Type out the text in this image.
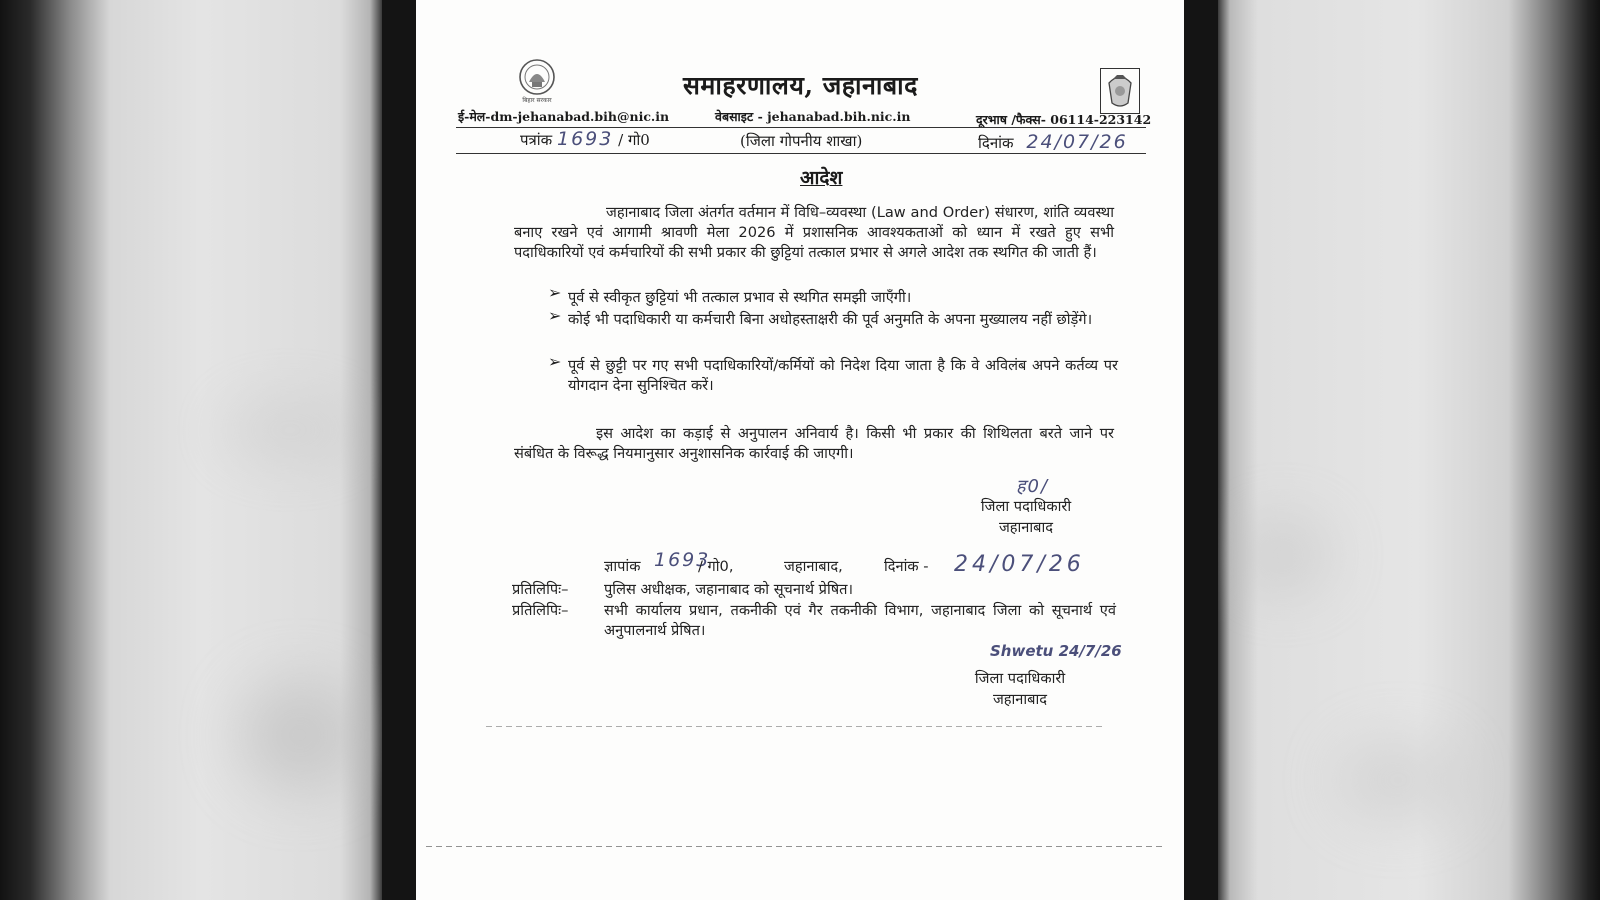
बिहार सरकार
समाहरणालय, जहानाबाद
ई-मेल-dm-jehanabad.bih@nic.in	वेबसाइट - jehanabad.bih.nic.in	दूरभाष /फैक्स- 06114-223142
पत्रांक 1693 / गो0	(जिला गोपनीय शाखा)	दिनांक 24/07/26
आदेश
जहानाबाद जिला अंतर्गत वर्तमान में विधि–व्यवस्था (Law and Order) संधारण, शांति व्यवस्था बनाए रखने एवं आगामी श्रावणी मेला 2026 में प्रशासनिक आवश्यकताओं को ध्यान में रखते हुए सभी पदाधिकारियों एवं कर्मचारियों की सभी प्रकार की छुट्टियां तत्काल प्रभार से अगले आदेश तक स्थगित की जाती हैं।
➢ पूर्व से स्वीकृत छुट्टियां भी तत्काल प्रभाव से स्थगित समझी जाएँगी।
➢ कोई भी पदाधिकारी या कर्मचारी बिना अधोहस्ताक्षरी की पूर्व अनुमति के अपना मुख्यालय नहीं छोड़ेंगे।
➢ पूर्व से छुट्टी पर गए सभी पदाधिकारियों/कर्मियों को निदेश दिया जाता है कि वे अविलंब अपने कर्तव्य पर योगदान देना सुनिश्चित करें।
इस आदेश का कड़ाई से अनुपालन अनिवार्य है। किसी भी प्रकार की शिथिलता बरते जाने पर संबंधित के विरूद्ध नियमानुसार अनुशासनिक कार्रवाई की जाएगी।
ह0/
जिला पदाधिकारी
जहानाबाद
ज्ञापांक 1693
/ गो0,	जहानाबाद,	दिनांक - 24/07/26
प्रतिलिपिः– पुलिस अधीक्षक, जहानाबाद को सूचनार्थ प्रेषित।
प्रतिलिपिः– सभी कार्यालय प्रधान, तकनीकी एवं गैर तकनीकी विभाग, जहानाबाद जिला को सूचनार्थ एवं अनुपालनार्थ प्रेषित।
Shwetu 24/7/26
जिला पदाधिकारी
जहानाबाद
